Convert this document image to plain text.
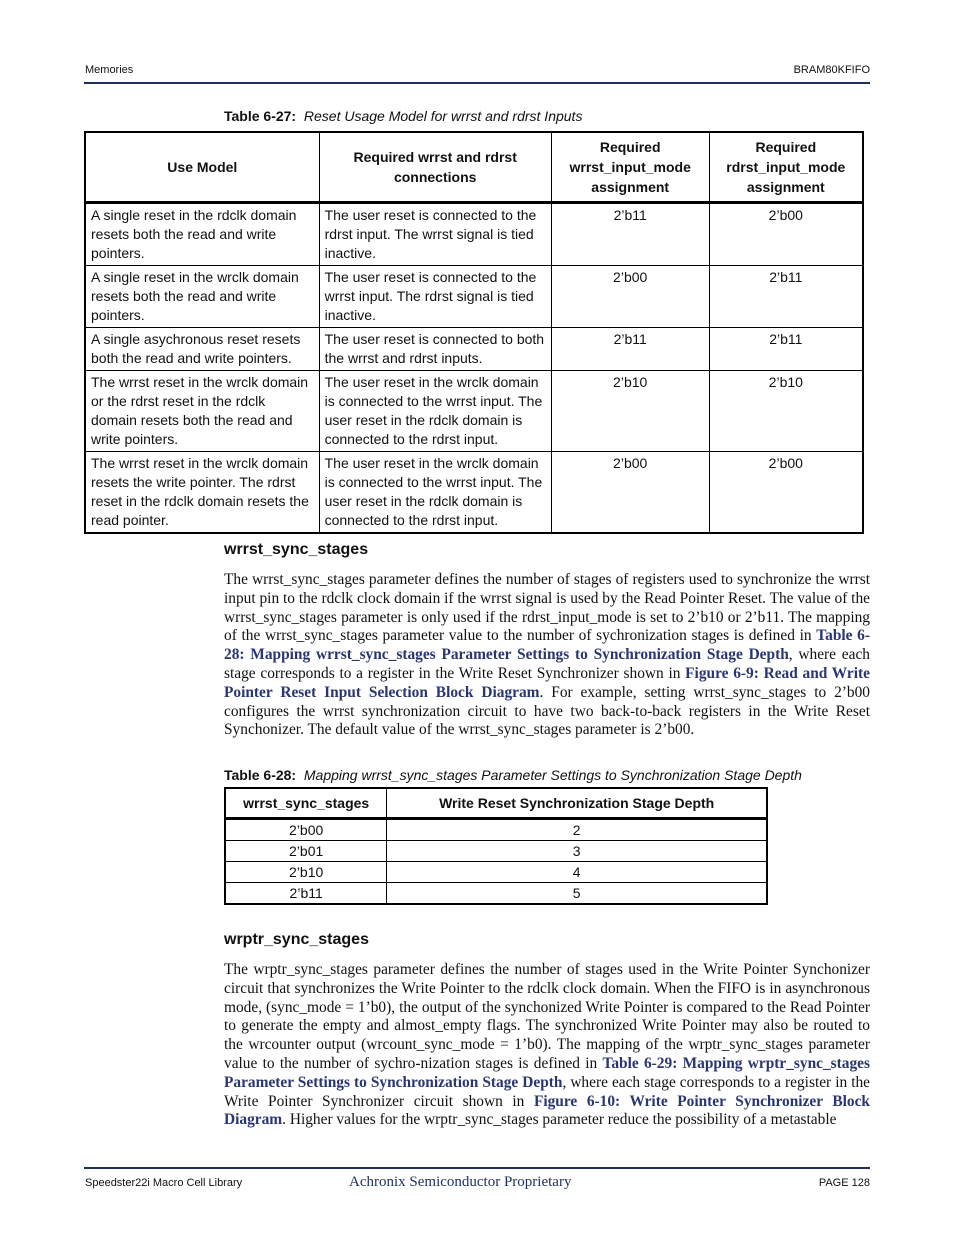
Memories	BRAM80KFIFO
Table 6-27: Reset Usage Model for wrrst and rdrst Inputs
Use Model	Required wrrst and rdrst connections	Required wrrst_input_mode assignment	Required rdrst_input_mode assignment
A single reset in the rdclk domain resets both the read and write pointers.	The user reset is connected to the rdrst input. The wrrst signal is tied inactive.	2’b11	2’b00
A single reset in the wrclk domain resets both the read and write pointers.	The user reset is connected to the wrrst input. The rdrst signal is tied inactive.	2’b00	2’b11
A single asychronous reset resets both the read and write pointers.	The user reset is connected to both the wrrst and rdrst inputs.	2’b11	2’b11
The wrrst reset in the wrclk domain or the rdrst reset in the rdclk domain resets both the read and write pointers.	The user reset in the wrclk domain is connected to the wrrst input. The user reset in the rdclk domain is connected to the rdrst input.	2’b10	2’b10
The wrrst reset in the wrclk domain resets the write pointer. The rdrst reset in the rdclk domain resets the read pointer.	The user reset in the wrclk domain is connected to the wrrst input. The user reset in the rdclk domain is connected to the rdrst input.	2’b00	2’b00
wrrst_sync_stages
The wrrst_sync_stages parameter defines the number of stages of registers used to synchronize the wrrst input pin to the rdclk clock domain if the wrrst signal is used by the Read Pointer Reset. The value of the wrrst_sync_stages parameter is only used if the rdrst_input_mode is set to 2’b10 or 2’b11. The mapping of the wrrst_sync_stages parameter value to the number of sychronization stages is defined in Table 6-28: Mapping wrrst_sync_stages Parameter Settings to Synchronization Stage Depth, where each stage corresponds to a register in the Write Reset Synchronizer shown in Figure 6-9: Read and Write Pointer Reset Input Selection Block Diagram. For example, setting wrrst_sync_stages to 2’b00 configures the wrrst synchronization circuit to have two back-to-back registers in the Write Reset Synchonizer. The default value of the wrrst_sync_stages parameter is 2’b00.
Table 6-28: Mapping wrrst_sync_stages Parameter Settings to Synchronization Stage Depth
wrrst_sync_stages	Write Reset Synchronization Stage Depth
2’b00	2
2’b01	3
2’b10	4
2’b11	5
wrptr_sync_stages
The wrptr_sync_stages parameter defines the number of stages used in the Write Pointer Synchonizer circuit that synchronizes the Write Pointer to the rdclk clock domain. When the FIFO is in asynchronous mode, (sync_mode = 1’b0), the output of the synchonized Write Pointer is compared to the Read Pointer to generate the empty and almost_empty flags. The synchronized Write Pointer may also be routed to the wrcounter output (wrcount_sync_mode = 1’b0). The mapping of the wrptr_sync_stages parameter value to the number of sychro-nization stages is defined in Table 6-29: Mapping wrptr_sync_stages Parameter Settings to Synchronization Stage Depth, where each stage corresponds to a register in the Write Pointer Synchronizer circuit shown in Figure 6-10: Write Pointer Synchronizer Block Diagram. Higher values for the wrptr_sync_stages parameter reduce the possibility of a metastable
Speedster22i Macro Cell Library	Achronix Semiconductor Proprietary	PAGE 128
